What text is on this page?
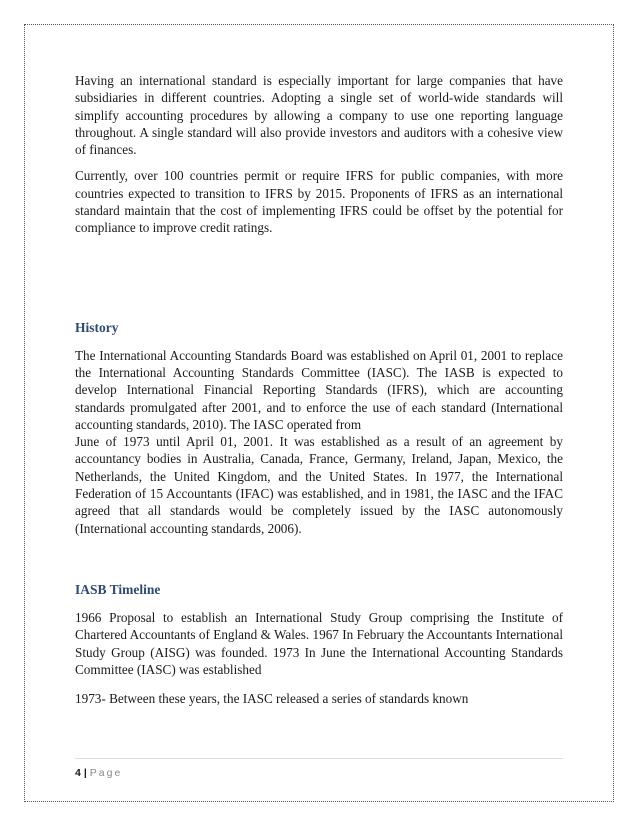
Having an international standard is especially important for large companies that have subsidiaries in different countries. Adopting a single set of world-wide standards will simplify accounting procedures by allowing a company to use one reporting language throughout. A single standard will also provide investors and auditors with a cohesive view of finances.

Currently, over 100 countries permit or require IFRS for public companies, with more countries expected to transition to IFRS by 2015. Proponents of IFRS as an international standard maintain that the cost of implementing IFRS could be offset by the potential for compliance to improve credit ratings.

History

The International Accounting Standards Board was established on April 01, 2001 to replace the International Accounting Standards Committee (IASC). The IASB is expected to develop International Financial Reporting Standards (IFRS), which are accounting standards promulgated after 2001, and to enforce the use of each standard (International accounting standards, 2010). The IASC operated from

June of 1973 until April 01, 2001. It was established as a result of an agreement by accountancy bodies in Australia, Canada, France, Germany, Ireland, Japan, Mexico, the Netherlands, the United Kingdom, and the United States. In 1977, the International Federation of 15 Accountants (IFAC) was established, and in 1981, the IASC and the IFAC agreed that all standards would be completely issued by the IASC autonomously (International accounting standards, 2006).

IASB Timeline

1966 Proposal to establish an International Study Group comprising the Institute of Chartered Accountants of England & Wales. 1967 In February the Accountants International Study Group (AISG) was founded. 1973 In June the International Accounting Standards Committee (IASC) was established

1973- Between these years, the IASC released a series of standards known

4 | Page
